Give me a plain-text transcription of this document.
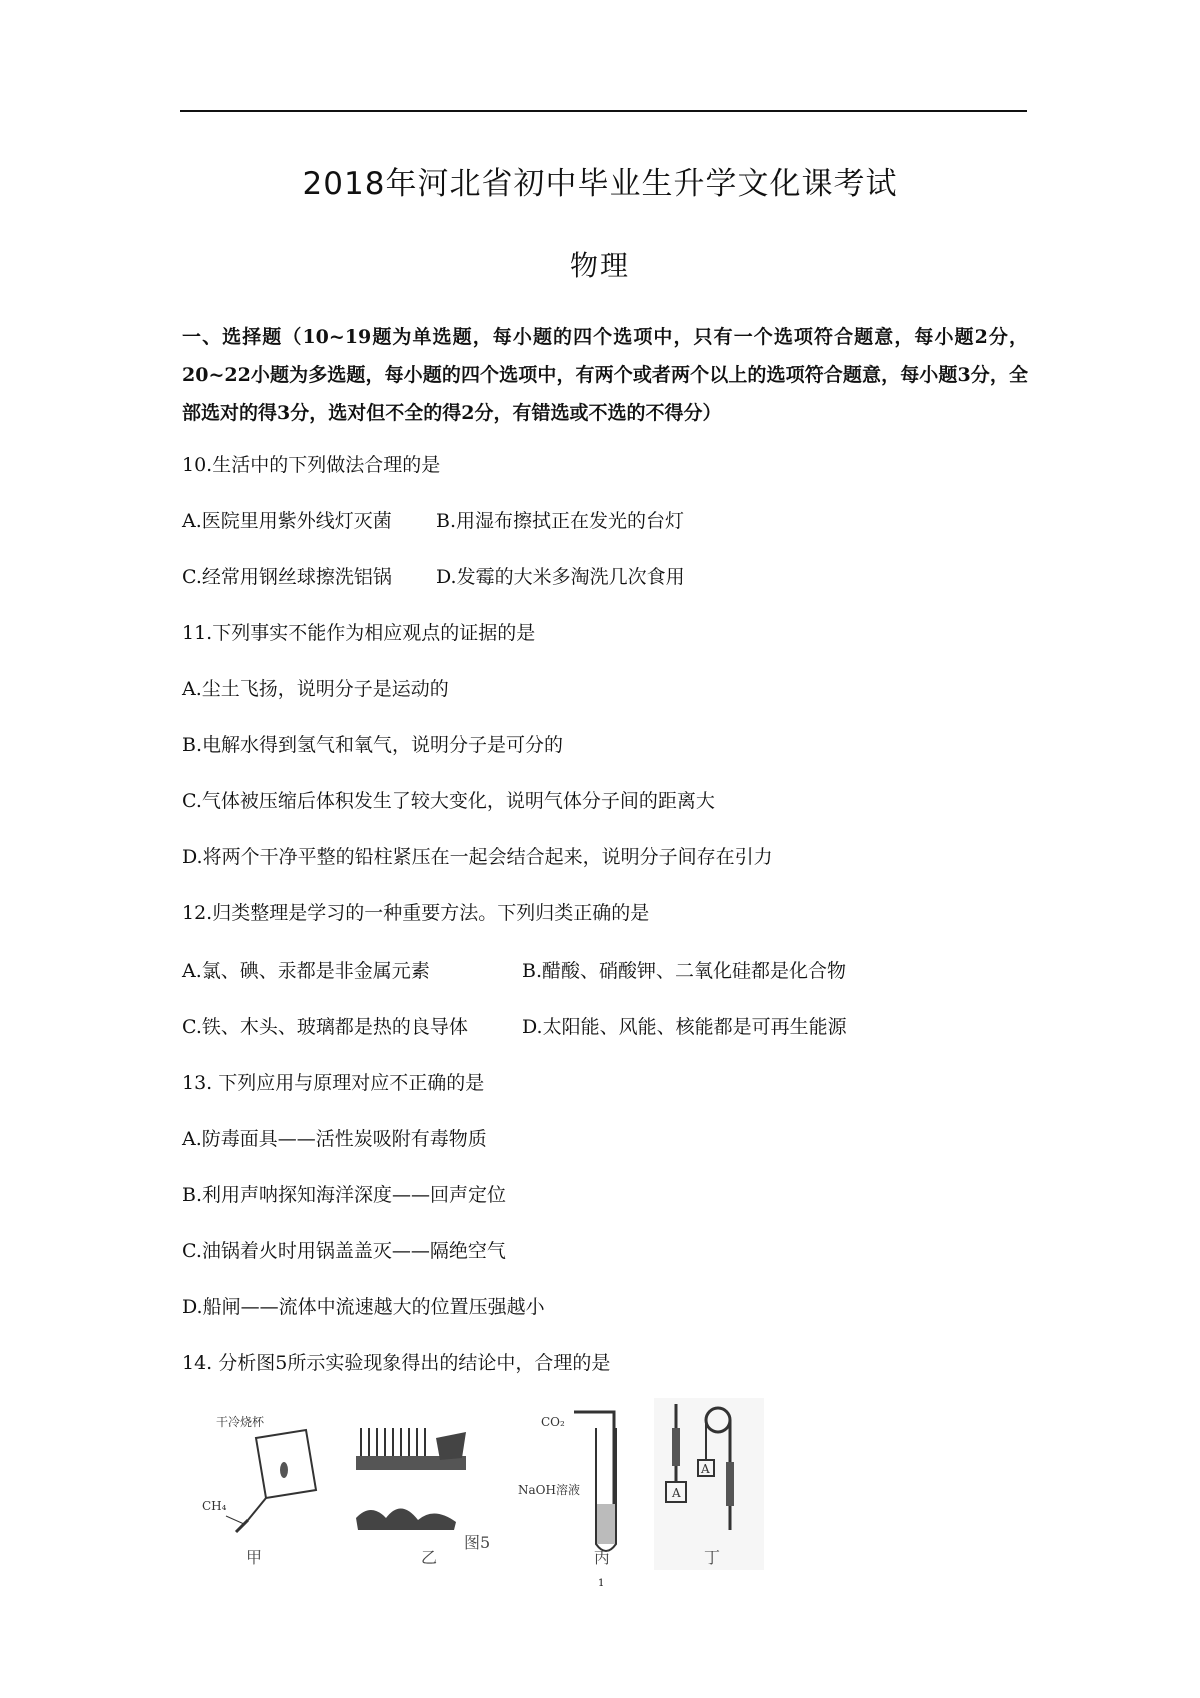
2018年河北省初中毕业生升学文化课考试
物理
一、选择题（10~19题为单选题，每小题的四个选项中，只有一个选项符合题意，每小题2分，20~22小题为多选题，每小题的四个选项中，有两个或者两个以上的选项符合题意，每小题3分，全部选对的得3分，选对但不全的得2分，有错选或不选的不得分）
10.生活中的下列做法合理的是
A.医院里用紫外线灯灭菌 B.用湿布擦拭正在发光的台灯
C.经常用钢丝球擦洗铝锅 D.发霉的大米多淘洗几次食用
11.下列事实不能作为相应观点的证据的是
A.尘土飞扬，说明分子是运动的
B.电解水得到氢气和氧气，说明分子是可分的
C.气体被压缩后体积发生了较大变化，说明气体分子间的距离大
D.将两个干净平整的铅柱紧压在一起会结合起来，说明分子间存在引力
12.归类整理是学习的一种重要方法。下列归类正确的是
A.氯、碘、汞都是非金属元素	B.醋酸、硝酸钾、二氧化硅都是化合物
C.铁、木头、玻璃都是热的良导体	D.太阳能、风能、核能都是可再生能源
13. 下列应用与原理对应不正确的是
A.防毒面具——活性炭吸附有毒物质
B.利用声呐探知海洋深度——回声定位
C.油锅着火时用锅盖盖灭——隔绝空气
D.船闸——流体中流速越大的位置压强越小
14. 分析图5所示实验现象得出的结论中，合理的是
干冷烧杯
CH₄
甲	乙
CO₂
NaOH溶液
丙
A
A
丁
图5
1
